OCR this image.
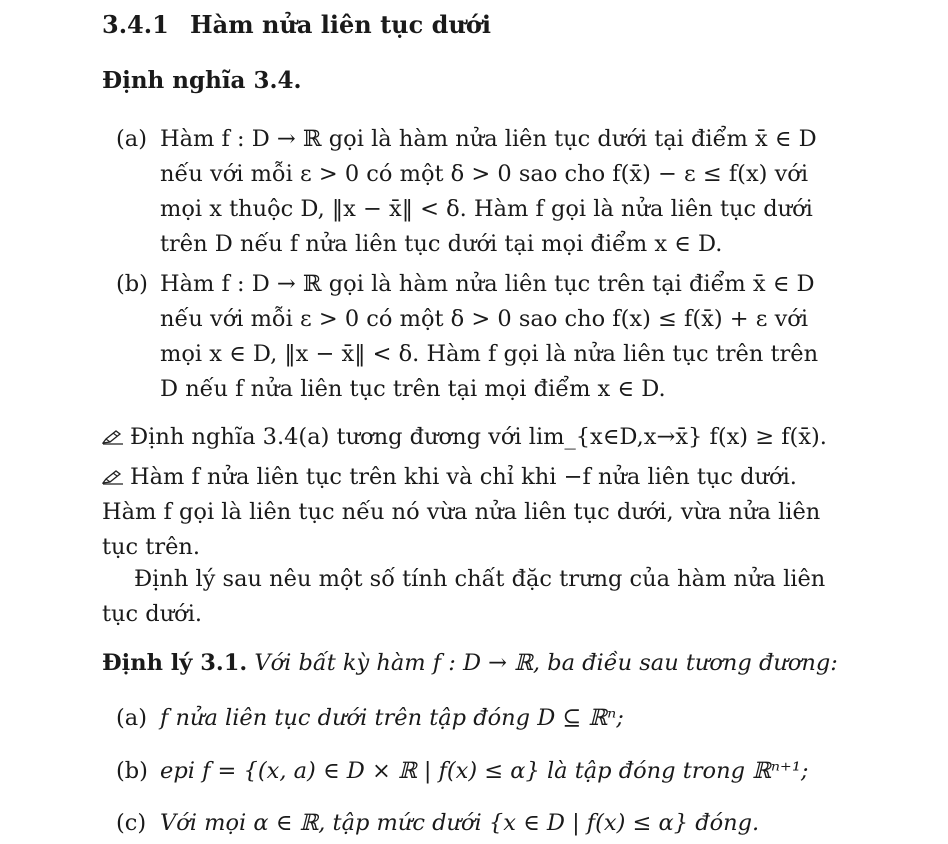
3.4.1 Hàm nửa liên tục dưới
Định nghĩa 3.4.
(a) Hàm f : D → ℝ gọi là hàm nửa liên tục dưới tại điểm x̄ ∈ D
nếu với mỗi ε > 0 có một δ > 0 sao cho f(x̄) − ε ≤ f(x) với
mọi x thuộc D, ‖x − x̄‖ < δ. Hàm f gọi là nửa liên tục dưới
trên D nếu f nửa liên tục dưới tại mọi điểm x ∈ D.
(b) Hàm f : D → ℝ gọi là hàm nửa liên tục trên tại điểm x̄ ∈ D
nếu với mỗi ε > 0 có một δ > 0 sao cho f(x) ≤ f(x̄) + ε với
mọi x ∈ D, ‖x − x̄‖ < δ. Hàm f gọi là nửa liên tục trên trên
D nếu f nửa liên tục trên tại mọi điểm x ∈ D.
Định nghĩa 3.4(a) tương đương với lim_{x∈D,x→x̄} f(x) ≥ f(x̄).
Hàm f nửa liên tục trên khi và chỉ khi −f nửa liên tục dưới.
Hàm f gọi là liên tục nếu nó vừa nửa liên tục dưới, vừa nửa liên
tục trên.
Định lý sau nêu một số tính chất đặc trưng của hàm nửa liên
tục dưới.
Định lý 3.1. Với bất kỳ hàm f : D → ℝ, ba điều sau tương đương:
(a) f nửa liên tục dưới trên tập đóng D ⊆ ℝⁿ;
(b) epi f = {(x, a) ∈ D × ℝ | f(x) ≤ α} là tập đóng trong ℝⁿ⁺¹;
(c) Với mọi α ∈ ℝ, tập mức dưới {x ∈ D | f(x) ≤ α} đóng.
